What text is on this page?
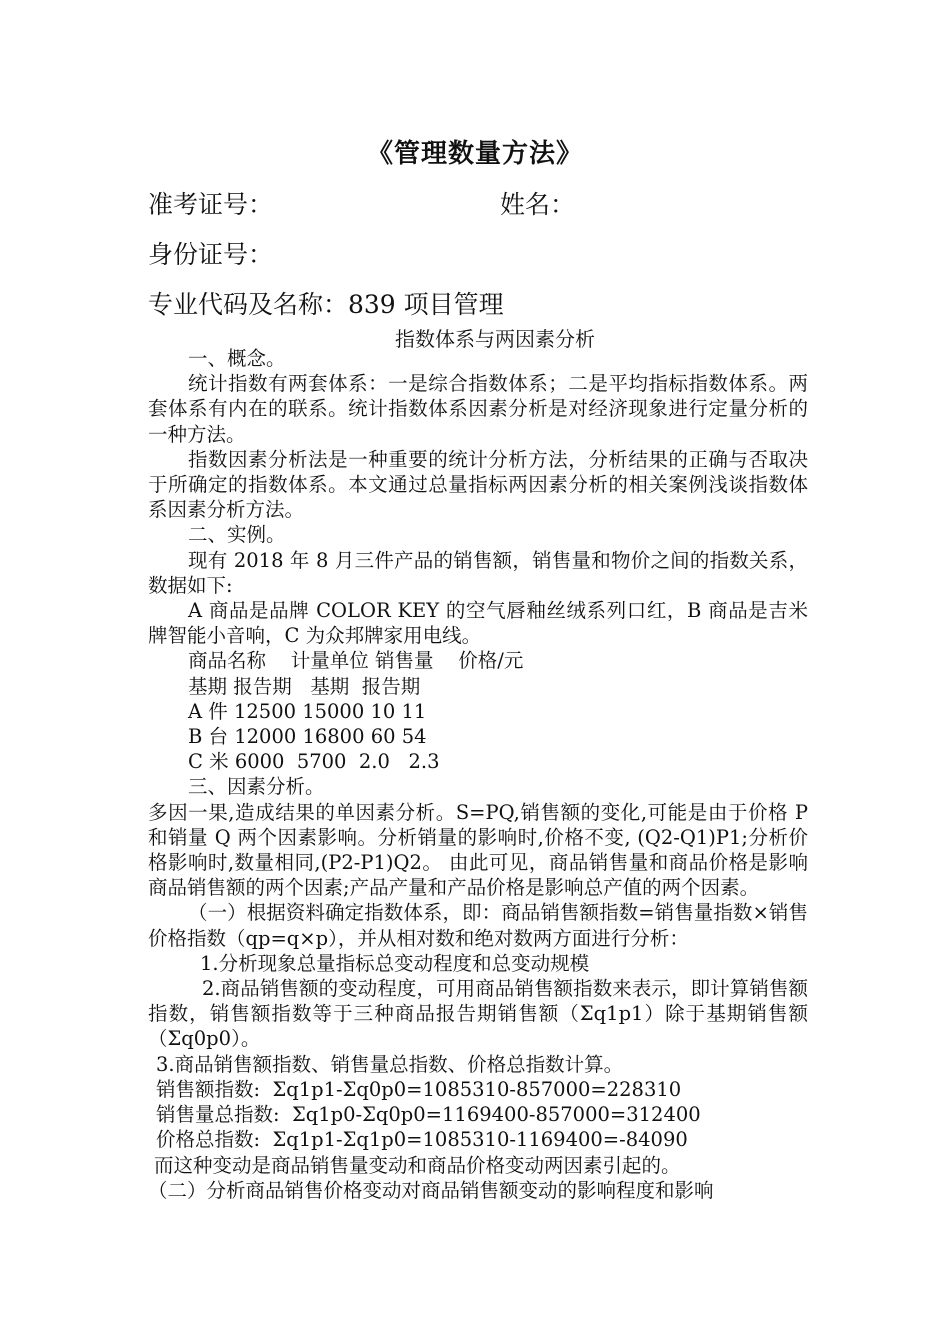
《管理数量方法》
准考证号：	姓名：
身份证号：
专业代码及名称：839 项目管理
指数体系与两因素分析

一、概念。

统计指数有两套体系：一是综合指数体系；二是平均指标指数体系。两套体系有内在的联系。统计指数体系因素分析是对经济现象进行定量分析的一种方法。

指数因素分析法是一种重要的统计分析方法，分析结果的正确与否取决于所确定的指数体系。本文通过总量指标两因素分析的相关案例浅谈指数体系因素分析方法。

二、实例。

现有 2018 年 8 月三件产品的销售额，销售量和物价之间的指数关系，数据如下:

A 商品是品牌 COLOR KEY 的空气唇釉丝绒系列口红，B 商品是吉米牌智能小音响，C 为众邦牌家用电线。

商品名称    计量单位 销售量    价格/元

基期 报告期   基期  报告期

A 件 12500 15000 10 11

B 台 12000 16800 60 54

C 米 6000  5700  2.0   2.3

三、因素分析。

多因一果,造成结果的单因素分析。S=PQ,销售额的变化,可能是由于价格 P 和销量 Q 两个因素影响。分析销量的影响时,价格不变, (Q2-Q1)P1;分析价格影响时,数量相同,(P2-P1)Q2。 由此可见，商品销售量和商品价格是影响商品销售额的两个因素;产品产量和产品价格是影响总产值的两个因素。

（一）根据资料确定指数体系，即：商品销售额指数=销售量指数×销售价格指数（qp=q×p），并从相对数和绝对数两方面进行分析：

1.分析现象总量指标总变动程度和总变动规模

2.商品销售额的变动程度，可用商品销售额指数来表示，即计算销售额指数，销售额指数等于三种商品报告期销售额（Σq1p1）除于基期销售额（Σq0p0）。

3.商品销售额指数、销售量总指数、价格总指数计算。

销售额指数:  Σq1p1-Σq0p0=1085310-857000=228310

销售量总指数:  Σq1p0-Σq0p0=1169400-857000=312400

价格总指数:  Σq1p1-Σq1p0=1085310-1169400=-84090

而这种变动是商品销售量变动和商品价格变动两因素引起的。

（二）分析商品销售价格变动对商品销售额变动的影响程度和影响
